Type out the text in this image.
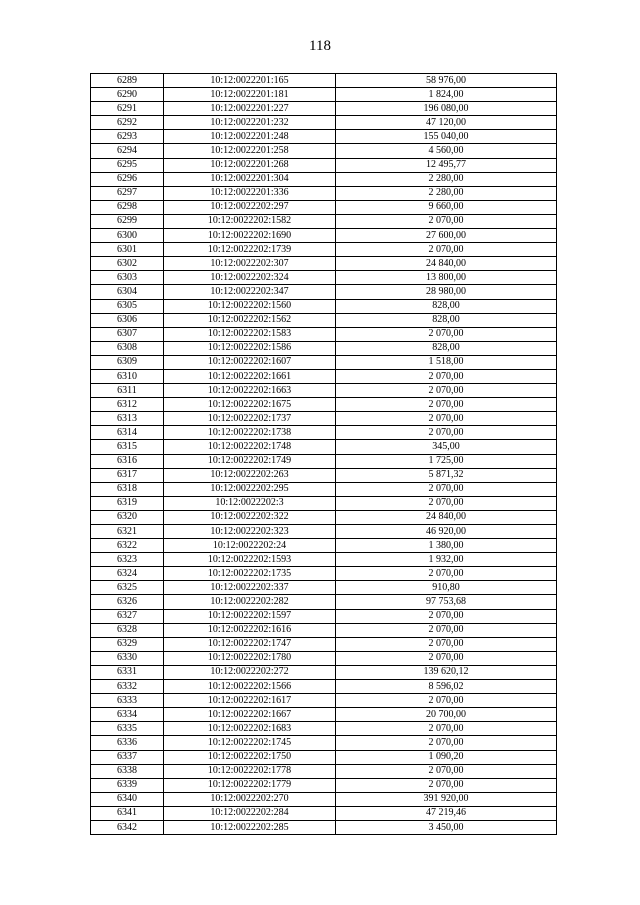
118
6289	10:12:0022201:165	58 976,00
6290	10:12:0022201:181	1 824,00
6291	10:12:0022201:227	196 080,00
6292	10:12:0022201:232	47 120,00
6293	10:12:0022201:248	155 040,00
6294	10:12:0022201:258	4 560,00
6295	10:12:0022201:268	12 495,77
6296	10:12:0022201:304	2 280,00
6297	10:12:0022201:336	2 280,00
6298	10:12:0022202:297	9 660,00
6299	10:12:0022202:1582	2 070,00
6300	10:12:0022202:1690	27 600,00
6301	10:12:0022202:1739	2 070,00
6302	10:12:0022202:307	24 840,00
6303	10:12:0022202:324	13 800,00
6304	10:12:0022202:347	28 980,00
6305	10:12:0022202:1560	828,00
6306	10:12:0022202:1562	828,00
6307	10:12:0022202:1583	2 070,00
6308	10:12:0022202:1586	828,00
6309	10:12:0022202:1607	1 518,00
6310	10:12:0022202:1661	2 070,00
6311	10:12:0022202:1663	2 070,00
6312	10:12:0022202:1675	2 070,00
6313	10:12:0022202:1737	2 070,00
6314	10:12:0022202:1738	2 070,00
6315	10:12:0022202:1748	345,00
6316	10:12:0022202:1749	1 725,00
6317	10:12:0022202:263	5 871,32
6318	10:12:0022202:295	2 070,00
6319	10:12:0022202:3	2 070,00
6320	10:12:0022202:322	24 840,00
6321	10:12:0022202:323	46 920,00
6322	10:12:0022202:24	1 380,00
6323	10:12:0022202:1593	1 932,00
6324	10:12:0022202:1735	2 070,00
6325	10:12:0022202:337	910,80
6326	10:12:0022202:282	97 753,68
6327	10:12:0022202:1597	2 070,00
6328	10:12:0022202:1616	2 070,00
6329	10:12:0022202:1747	2 070,00
6330	10:12:0022202:1780	2 070,00
6331	10:12:0022202:272	139 620,12
6332	10:12:0022202:1566	8 596,02
6333	10:12:0022202:1617	2 070,00
6334	10:12:0022202:1667	20 700,00
6335	10:12:0022202:1683	2 070,00
6336	10:12:0022202:1745	2 070,00
6337	10:12:0022202:1750	1 090,20
6338	10:12:0022202:1778	2 070,00
6339	10:12:0022202:1779	2 070,00
6340	10:12:0022202:270	391 920,00
6341	10:12:0022202:284	47 219,46
6342	10:12:0022202:285	3 450,00
